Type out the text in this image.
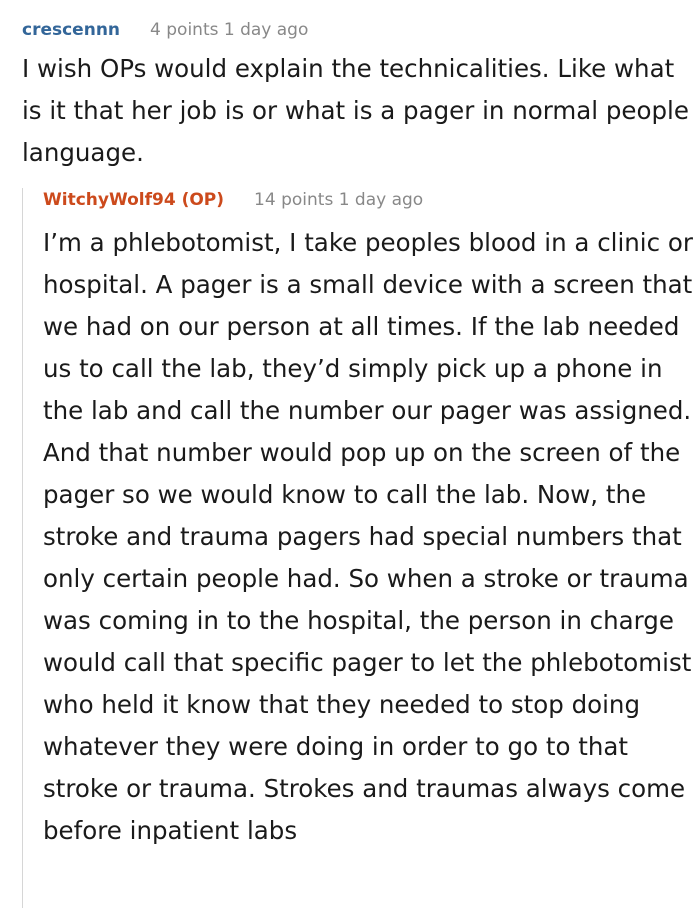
crescennn 4 points 1 day ago
I wish OPs would explain the technicalities. Like what is it that her job is or what is a pager in normal people language.
WitchyWolf94 (OP) 14 points 1 day ago
I’m a phlebotomist, I take peoples blood in a clinic or hospital. A pager is a small device with a screen that we had on our person at all times. If the lab needed us to call the lab, they’d simply pick up a phone in the lab and call the number our pager was assigned. And that number would pop up on the screen of the pager so we would know to call the lab. Now, the stroke and trauma pagers had special numbers that only certain people had. So when a stroke or trauma was coming in to the hospital, the person in charge would call that specific pager to let the phlebotomist who held it know that they needed to stop doing whatever they were doing in order to go to that stroke or trauma. Strokes and traumas always come before inpatient labs
